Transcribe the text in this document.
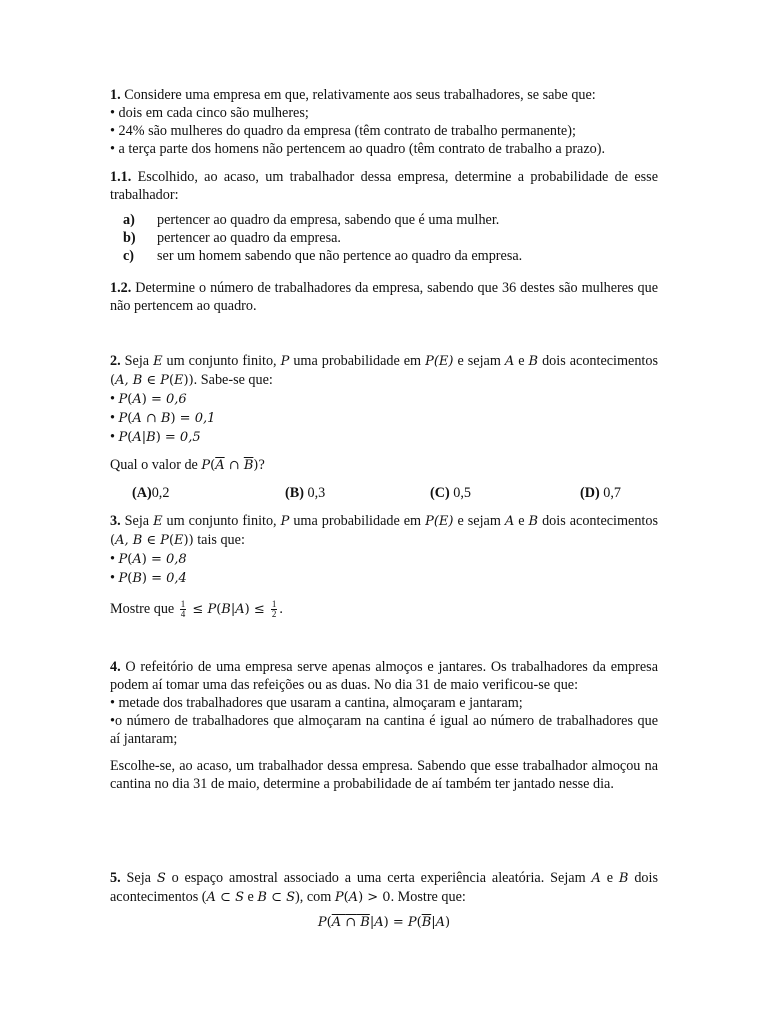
1. Considere uma empresa em que, relativamente aos seus trabalhadores, se sabe que:

• dois em cada cinco são mulheres;

• 24% são mulheres do quadro da empresa (têm contrato de trabalho permanente);

• a terça parte dos homens não pertencem ao quadro (têm contrato de trabalho a prazo).

1.1. Escolhido, ao acaso, um trabalhador dessa empresa, determine a probabilidade de esse trabalhador:

a) pertencer ao quadro da empresa, sabendo que é uma mulher.
b) pertencer ao quadro da empresa.
c) ser um homem sabendo que não pertence ao quadro da empresa.

1.2. Determine o número de trabalhadores da empresa, sabendo que 36 destes são mulheres que não pertencem ao quadro.

2. Seja E um conjunto finito, P uma probabilidade em P(E) e sejam A e B dois acontecimentos (A, B ∈ P(E)). Sabe-se que:

• P(A) = 0,6

• P(A ∩ B) = 0,1

• P(A|B) = 0,5

Qual o valor de $P(\overline{A}$ ∩ $\overline{B}$)?

(A)0,2	(B) 0,3	(C) 0,5	(D) 0,7

3. Seja E um conjunto finito, P uma probabilidade em P(E) e sejam A e B dois acontecimentos (A, B ∈ P(E)) tais que:

• P(A) = 0,8

• P(B) = 0,4

Mostre que $\frac{1}{4} \le P(B|A) \le \frac{1}{2}$ .

4. O refeitório de uma empresa serve apenas almoços e jantares. Os trabalhadores da empresa podem aí tomar uma das refeições ou as duas. No dia 31 de maio verificou-se que:

• metade dos trabalhadores que usaram a cantina, almoçaram e jantaram;

•o número de trabalhadores que almoçaram na cantina é igual ao número de trabalhadores que aí jantaram;

Escolhe-se, ao acaso, um trabalhador dessa empresa. Sabendo que esse trabalhador almoçou na cantina no dia 31 de maio, determine a probabilidade de aí também ter jantado nesse dia.

5. Seja S o espaço amostral associado a uma certa experiência aleatória. Sejam A e B dois acontecimentos (A ⊂ S e B ⊂ S), com P(A) > 0. Mostre que:

P(A ∩ $B|A) = P(\overline{B}|A)$
